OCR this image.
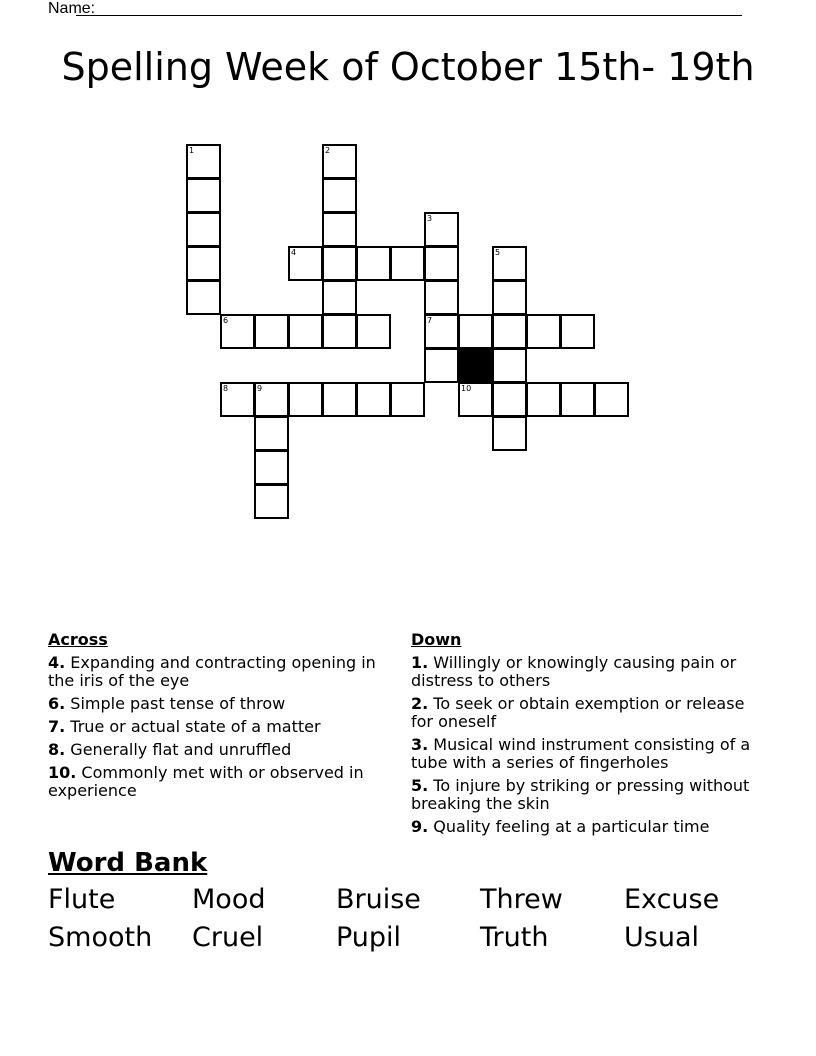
Name:
Spelling Week of October 15th- 19th
1	2
3
4	5
6	7
8	9	10
Across
4. Expanding and contracting opening in the iris of the eye
6. Simple past tense of throw
7. True or actual state of a matter
8. Generally flat and unruffled
10. Commonly met with or observed in experience
Down
1. Willingly or knowingly causing pain or distress to others
2. To seek or obtain exemption or release for oneself
3. Musical wind instrument consisting of a tube with a series of fingerholes
5. To injure by striking or pressing without breaking the skin
9. Quality feeling at a particular time
Word Bank
Flute	Mood	Bruise Threw Excuse
Smooth Cruel	Pupil	Truth	Usual
